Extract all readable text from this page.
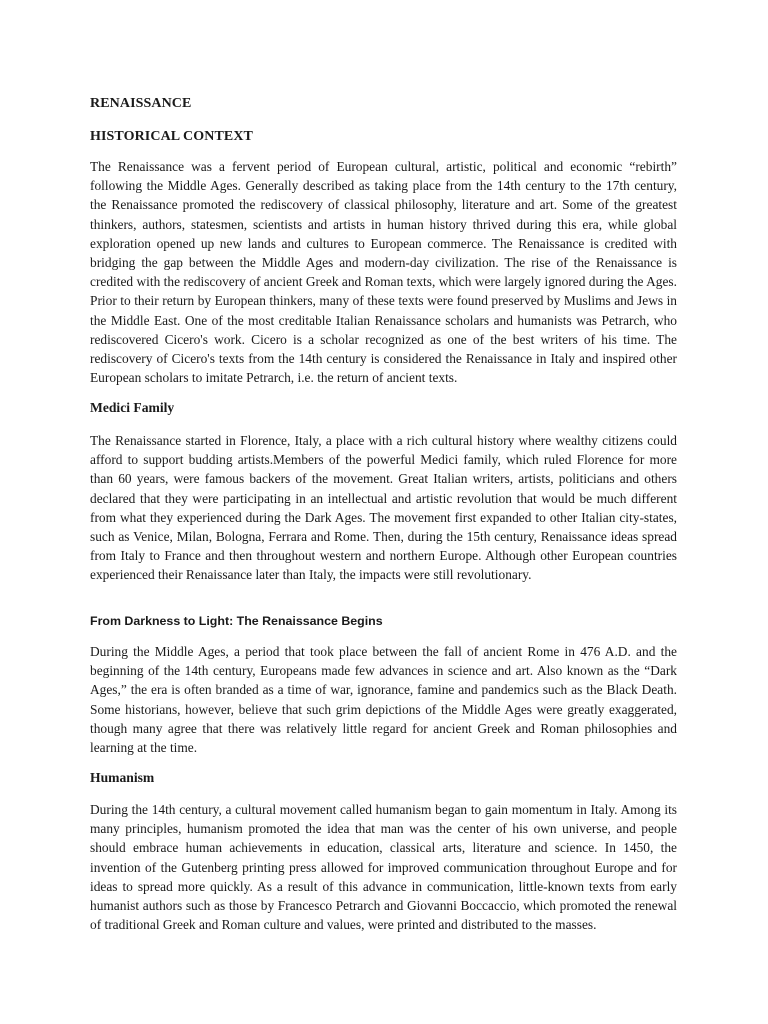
RENAISSANCE
HISTORICAL CONTEXT

The Renaissance was a fervent period of European cultural, artistic, political and economic “rebirth” following the Middle Ages. Generally described as taking place from the 14th century to the 17th century, the Renaissance promoted the rediscovery of classical philosophy, literature and art. Some of the greatest thinkers, authors, statesmen, scientists and artists in human history thrived during this era, while global exploration opened up new lands and cultures to European commerce. The Renaissance is credited with bridging the gap between the Middle Ages and modern-day civilization. The rise of the Renaissance is credited with the rediscovery of ancient Greek and Roman texts, which were largely ignored during the Ages. Prior to their return by European thinkers, many of these texts were found preserved by Muslims and Jews in the Middle East. One of the most creditable Italian Renaissance scholars and humanists was Petrarch, who rediscovered Cicero's work. Cicero is a scholar recognized as one of the best writers of his time. The rediscovery of Cicero's texts from the 14th century is considered the Renaissance in Italy and inspired other European scholars to imitate Petrarch, i.e. the return of ancient texts.

Medici Family

The Renaissance started in Florence, Italy, a place with a rich cultural history where wealthy citizens could afford to support budding artists.Members of the powerful Medici family, which ruled Florence for more than 60 years, were famous backers of the movement. Great Italian writers, artists, politicians and others declared that they were participating in an intellectual and artistic revolution that would be much different from what they experienced during the Dark Ages. The movement first expanded to other Italian city-states, such as Venice, Milan, Bologna, Ferrara and Rome. Then, during the 15th century, Renaissance ideas spread from Italy to France and then throughout western and northern Europe. Although other European countries experienced their Renaissance later than Italy, the impacts were still revolutionary.

From Darkness to Light: The Renaissance Begins

During the Middle Ages, a period that took place between the fall of ancient Rome in 476 A.D. and the beginning of the 14th century, Europeans made few advances in science and art. Also known as the “Dark Ages,” the era is often branded as a time of war, ignorance, famine and pandemics such as the Black Death. Some historians, however, believe that such grim depictions of the Middle Ages were greatly exaggerated, though many agree that there was relatively little regard for ancient Greek and Roman philosophies and learning at the time.

Humanism

During the 14th century, a cultural movement called humanism began to gain momentum in Italy. Among its many principles, humanism promoted the idea that man was the center of his own universe, and people should embrace human achievements in education, classical arts, literature and science. In 1450, the invention of the Gutenberg printing press allowed for improved communication throughout Europe and for ideas to spread more quickly. As a result of this advance in communication, little-known texts from early humanist authors such as those by Francesco Petrarch and Giovanni Boccaccio, which promoted the renewal of traditional Greek and Roman culture and values, were printed and distributed to the masses.
